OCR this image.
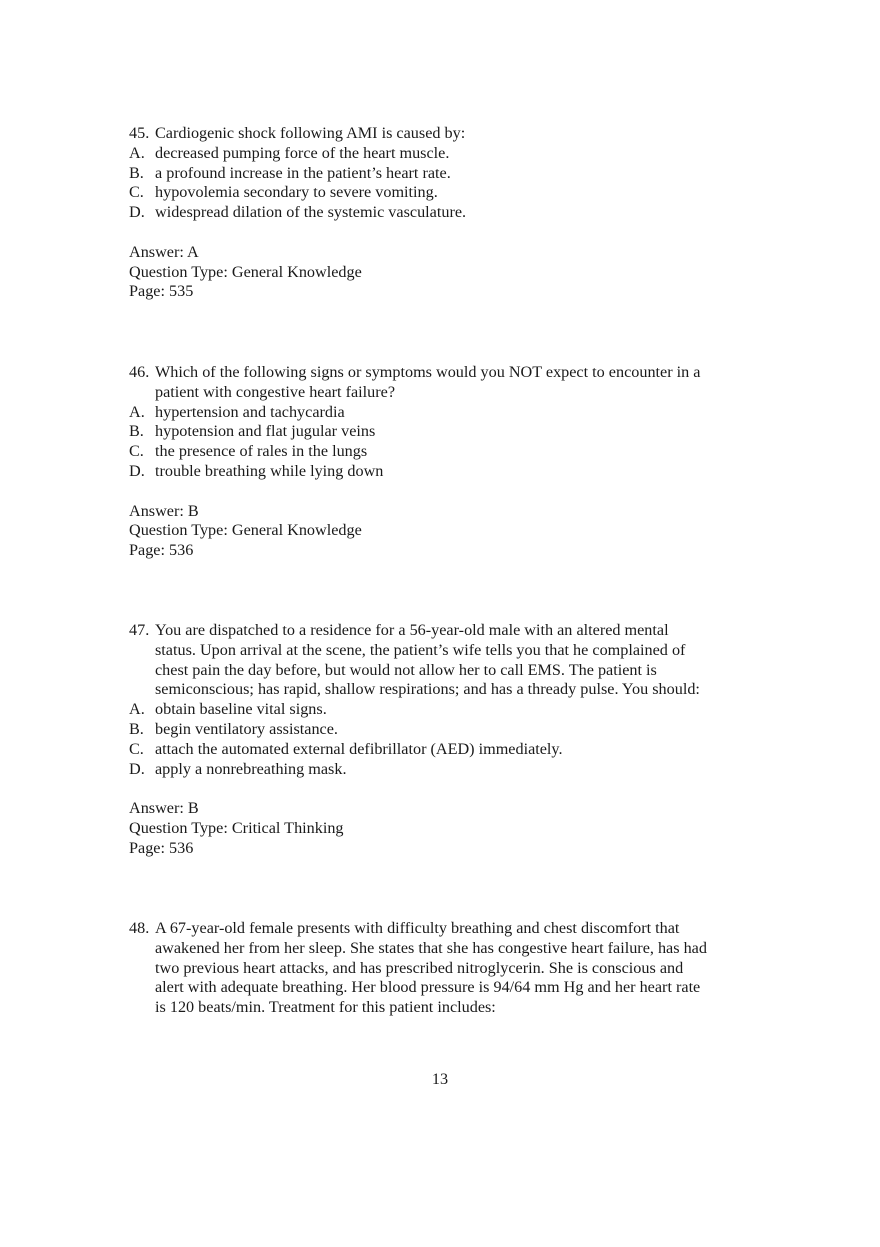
45. Cardiogenic shock following AMI is caused by:
A. decreased pumping force of the heart muscle.
B. a profound increase in the patient’s heart rate.
C. hypovolemia secondary to severe vomiting.
D. widespread dilation of the systemic vasculature.
Answer: A
Question Type: General Knowledge
Page: 535
46. Which of the following signs or symptoms would you NOT expect to encounter in a
patient with congestive heart failure?
A. hypertension and tachycardia
B. hypotension and flat jugular veins
C. the presence of rales in the lungs
D. trouble breathing while lying down
Answer: B
Question Type: General Knowledge
Page: 536
47. You are dispatched to a residence for a 56-year-old male with an altered mental
status. Upon arrival at the scene, the patient’s wife tells you that he complained of
chest pain the day before, but would not allow her to call EMS. The patient is
semiconscious; has rapid, shallow respirations; and has a thready pulse. You should:
A. obtain baseline vital signs.
B. begin ventilatory assistance.
C. attach the automated external defibrillator (AED) immediately.
D. apply a nonrebreathing mask.
Answer: B
Question Type: Critical Thinking
Page: 536
48. A 67-year-old female presents with difficulty breathing and chest discomfort that
awakened her from her sleep. She states that she has congestive heart failure, has had
two previous heart attacks, and has prescribed nitroglycerin. She is conscious and
alert with adequate breathing. Her blood pressure is 94/64 mm Hg and her heart rate
is 120 beats/min. Treatment for this patient includes:
13
